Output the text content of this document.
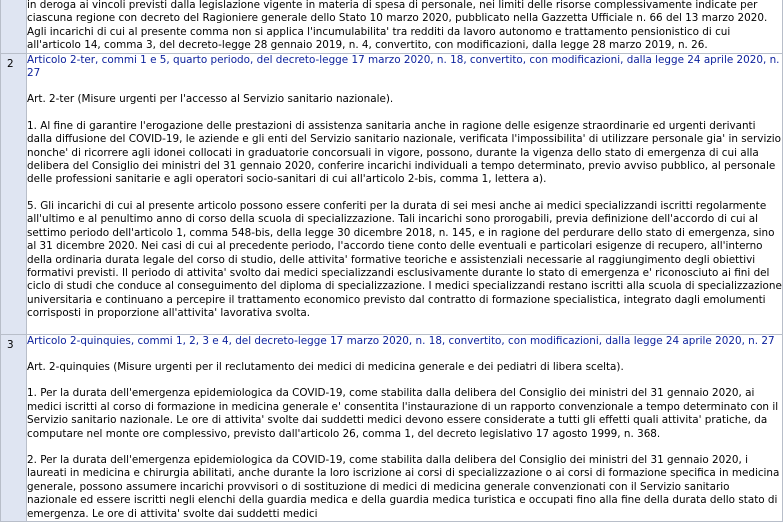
	in deroga ai vincoli previsti dalla legislazione vigente in materia di spesa di personale, nei limiti delle risorse complessivamente indicate per ciascuna regione con decreto del Ragioniere generale dello Stato 10 marzo 2020, pubblicato nella Gazzetta Ufficiale n. 66 del 13 marzo 2020. Agli incarichi di cui al presente comma non si applica l'incumulabilita' tra redditi da lavoro autonomo e trattamento pensionistico di cui all'articolo 14, comma 3, del decreto-legge 28 gennaio 2019, n. 4, convertito, con modificazioni, dalla legge 28 marzo 2019, n. 26.

2	Articolo 2-ter, commi 1 e 5, quarto periodo, del decreto-legge 17 marzo 2020, n. 18, convertito, con modificazioni, dalla legge 24 aprile 2020, n. 27

Art. 2-ter (Misure urgenti per l'accesso al Servizio sanitario nazionale).

1. Al fine di garantire l'erogazione delle prestazioni di assistenza sanitaria anche in ragione delle esigenze straordinarie ed urgenti derivanti dalla diffusione del COVID-19, le aziende e gli enti del Servizio sanitario nazionale, verificata l'impossibilita' di utilizzare personale gia' in servizio nonche' di ricorrere agli idonei collocati in graduatorie concorsuali in vigore, possono, durante la vigenza dello stato di emergenza di cui alla delibera del Consiglio dei ministri del 31 gennaio 2020, conferire incarichi individuali a tempo determinato, previo avviso pubblico, al personale delle professioni sanitarie e agli operatori socio-sanitari di cui all'articolo 2-bis, comma 1, lettera a).

5. Gli incarichi di cui al presente articolo possono essere conferiti per la durata di sei mesi anche ai medici specializzandi iscritti regolarmente all'ultimo e al penultimo anno di corso della scuola di specializzazione. Tali incarichi sono prorogabili, previa definizione dell'accordo di cui al settimo periodo dell'articolo 1, comma 548-bis, della legge 30 dicembre 2018, n. 145, e in ragione del perdurare dello stato di emergenza, sino al 31 dicembre 2020. Nei casi di cui al precedente periodo, l'accordo tiene conto delle eventuali e particolari esigenze di recupero, all'interno della ordinaria durata legale del corso di studio, delle attivita' formative teoriche e assistenziali necessarie al raggiungimento degli obiettivi formativi previsti. Il periodo di attivita' svolto dai medici specializzandi esclusivamente durante lo stato di emergenza e' riconosciuto ai fini del ciclo di studi che conduce al conseguimento del diploma di specializzazione. I medici specializzandi restano iscritti alla scuola di specializzazione universitaria e continuano a percepire il trattamento economico previsto dal contratto di formazione specialistica, integrato dagli emolumenti corrisposti in proporzione all'attivita' lavorativa svolta.

3	Articolo 2-quinquies, commi 1, 2, 3 e 4, del decreto-legge 17 marzo 2020, n. 18, convertito, con modificazioni, dalla legge 24 aprile 2020, n. 27

Art. 2-quinquies (Misure urgenti per il reclutamento dei medici di medicina generale e dei pediatri di libera scelta).

1. Per la durata dell'emergenza epidemiologica da COVID-19, come stabilita dalla delibera del Consiglio dei ministri del 31 gennaio 2020, ai medici iscritti al corso di formazione in medicina generale e' consentita l'instaurazione di un rapporto convenzionale a tempo determinato con il Servizio sanitario nazionale. Le ore di attivita' svolte dai suddetti medici devono essere considerate a tutti gli effetti quali attivita' pratiche, da computare nel monte ore complessivo, previsto dall'articolo 26, comma 1, del decreto legislativo 17 agosto 1999, n. 368.

2. Per la durata dell'emergenza epidemiologica da COVID-19, come stabilita dalla delibera del Consiglio dei ministri del 31 gennaio 2020, i laureati in medicina e chirurgia abilitati, anche durante la loro iscrizione ai corsi di specializzazione o ai corsi di formazione specifica in medicina generale, possono assumere incarichi provvisori o di sostituzione di medici di medicina generale convenzionati con il Servizio sanitario nazionale ed essere iscritti negli elenchi della guardia medica e della guardia medica turistica e occupati fino alla fine della durata dello stato di emergenza. Le ore di attivita' svolte dai suddetti medici
